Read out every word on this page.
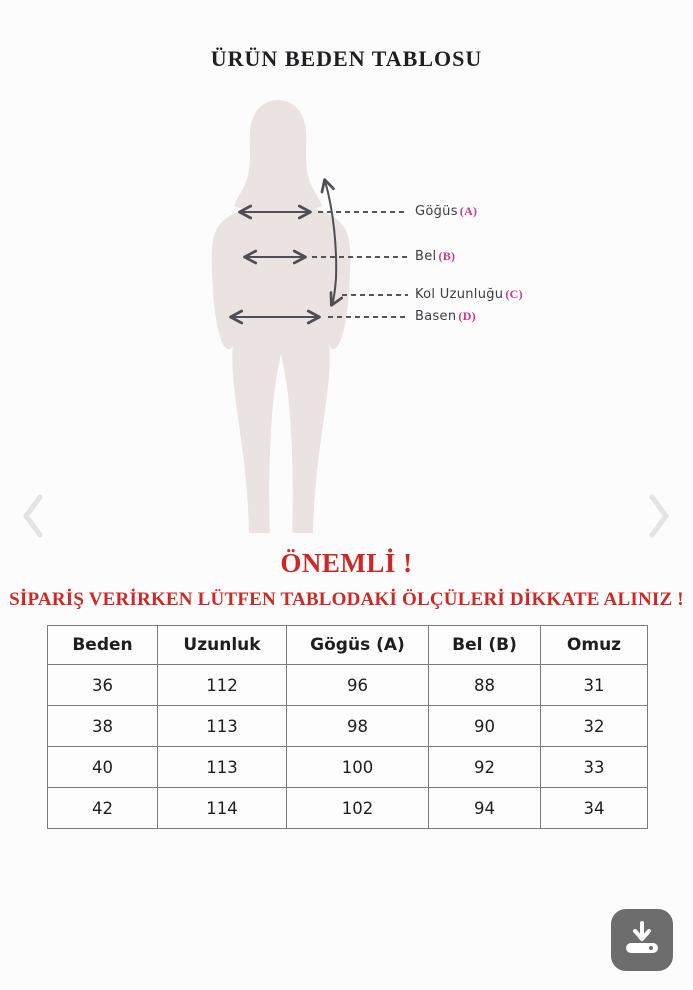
ÜRÜN BEDEN TABLOSU
Göğüs (A)
Bel (B)
Kol Uzunluğu (C)
Basen (D)
ÖNEMLİ !
SİPARİŞ VERİRKEN LÜTFEN TABLODAKİ ÖLÇÜLERİ DİKKATE ALINIZ !
Beden	Uzunluk	Gögüs (A)	Bel (B)	Omuz
36	112	96	88	31
38	113	98	90	32
40	113	100	92	33
42	114	102	94	34
